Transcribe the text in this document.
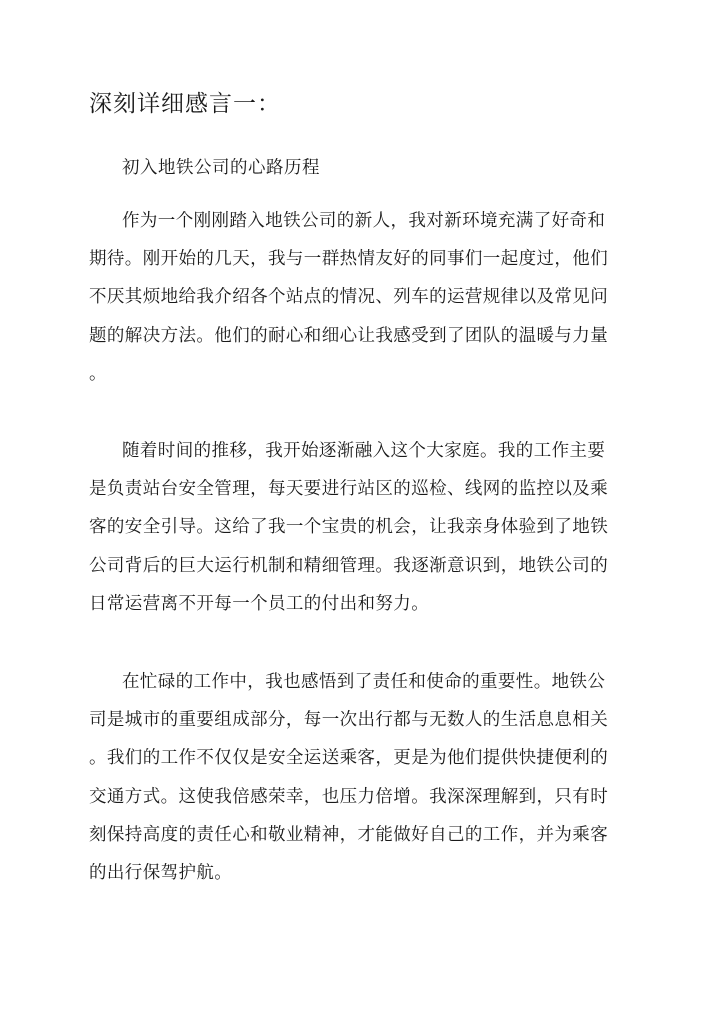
深刻详细感言一：

初入地铁公司的心路历程

作为一个刚刚踏入地铁公司的新人，我对新环境充满了好奇和
期待。刚开始的几天，我与一群热情友好的同事们一起度过，他们
不厌其烦地给我介绍各个站点的情况、列车的运营规律以及常见问
题的解决方法。他们的耐心和细心让我感受到了团队的温暖与力量
。

随着时间的推移，我开始逐渐融入这个大家庭。我的工作主要
是负责站台安全管理，每天要进行站区的巡检、线网的监控以及乘
客的安全引导。这给了我一个宝贵的机会，让我亲身体验到了地铁
公司背后的巨大运行机制和精细管理。我逐渐意识到，地铁公司的
日常运营离不开每一个员工的付出和努力。

在忙碌的工作中，我也感悟到了责任和使命的重要性。地铁公
司是城市的重要组成部分，每一次出行都与无数人的生活息息相关
。我们的工作不仅仅是安全运送乘客，更是为他们提供快捷便利的
交通方式。这使我倍感荣幸，也压力倍增。我深深理解到，只有时
刻保持高度的责任心和敬业精神，才能做好自己的工作，并为乘客
的出行保驾护航。
